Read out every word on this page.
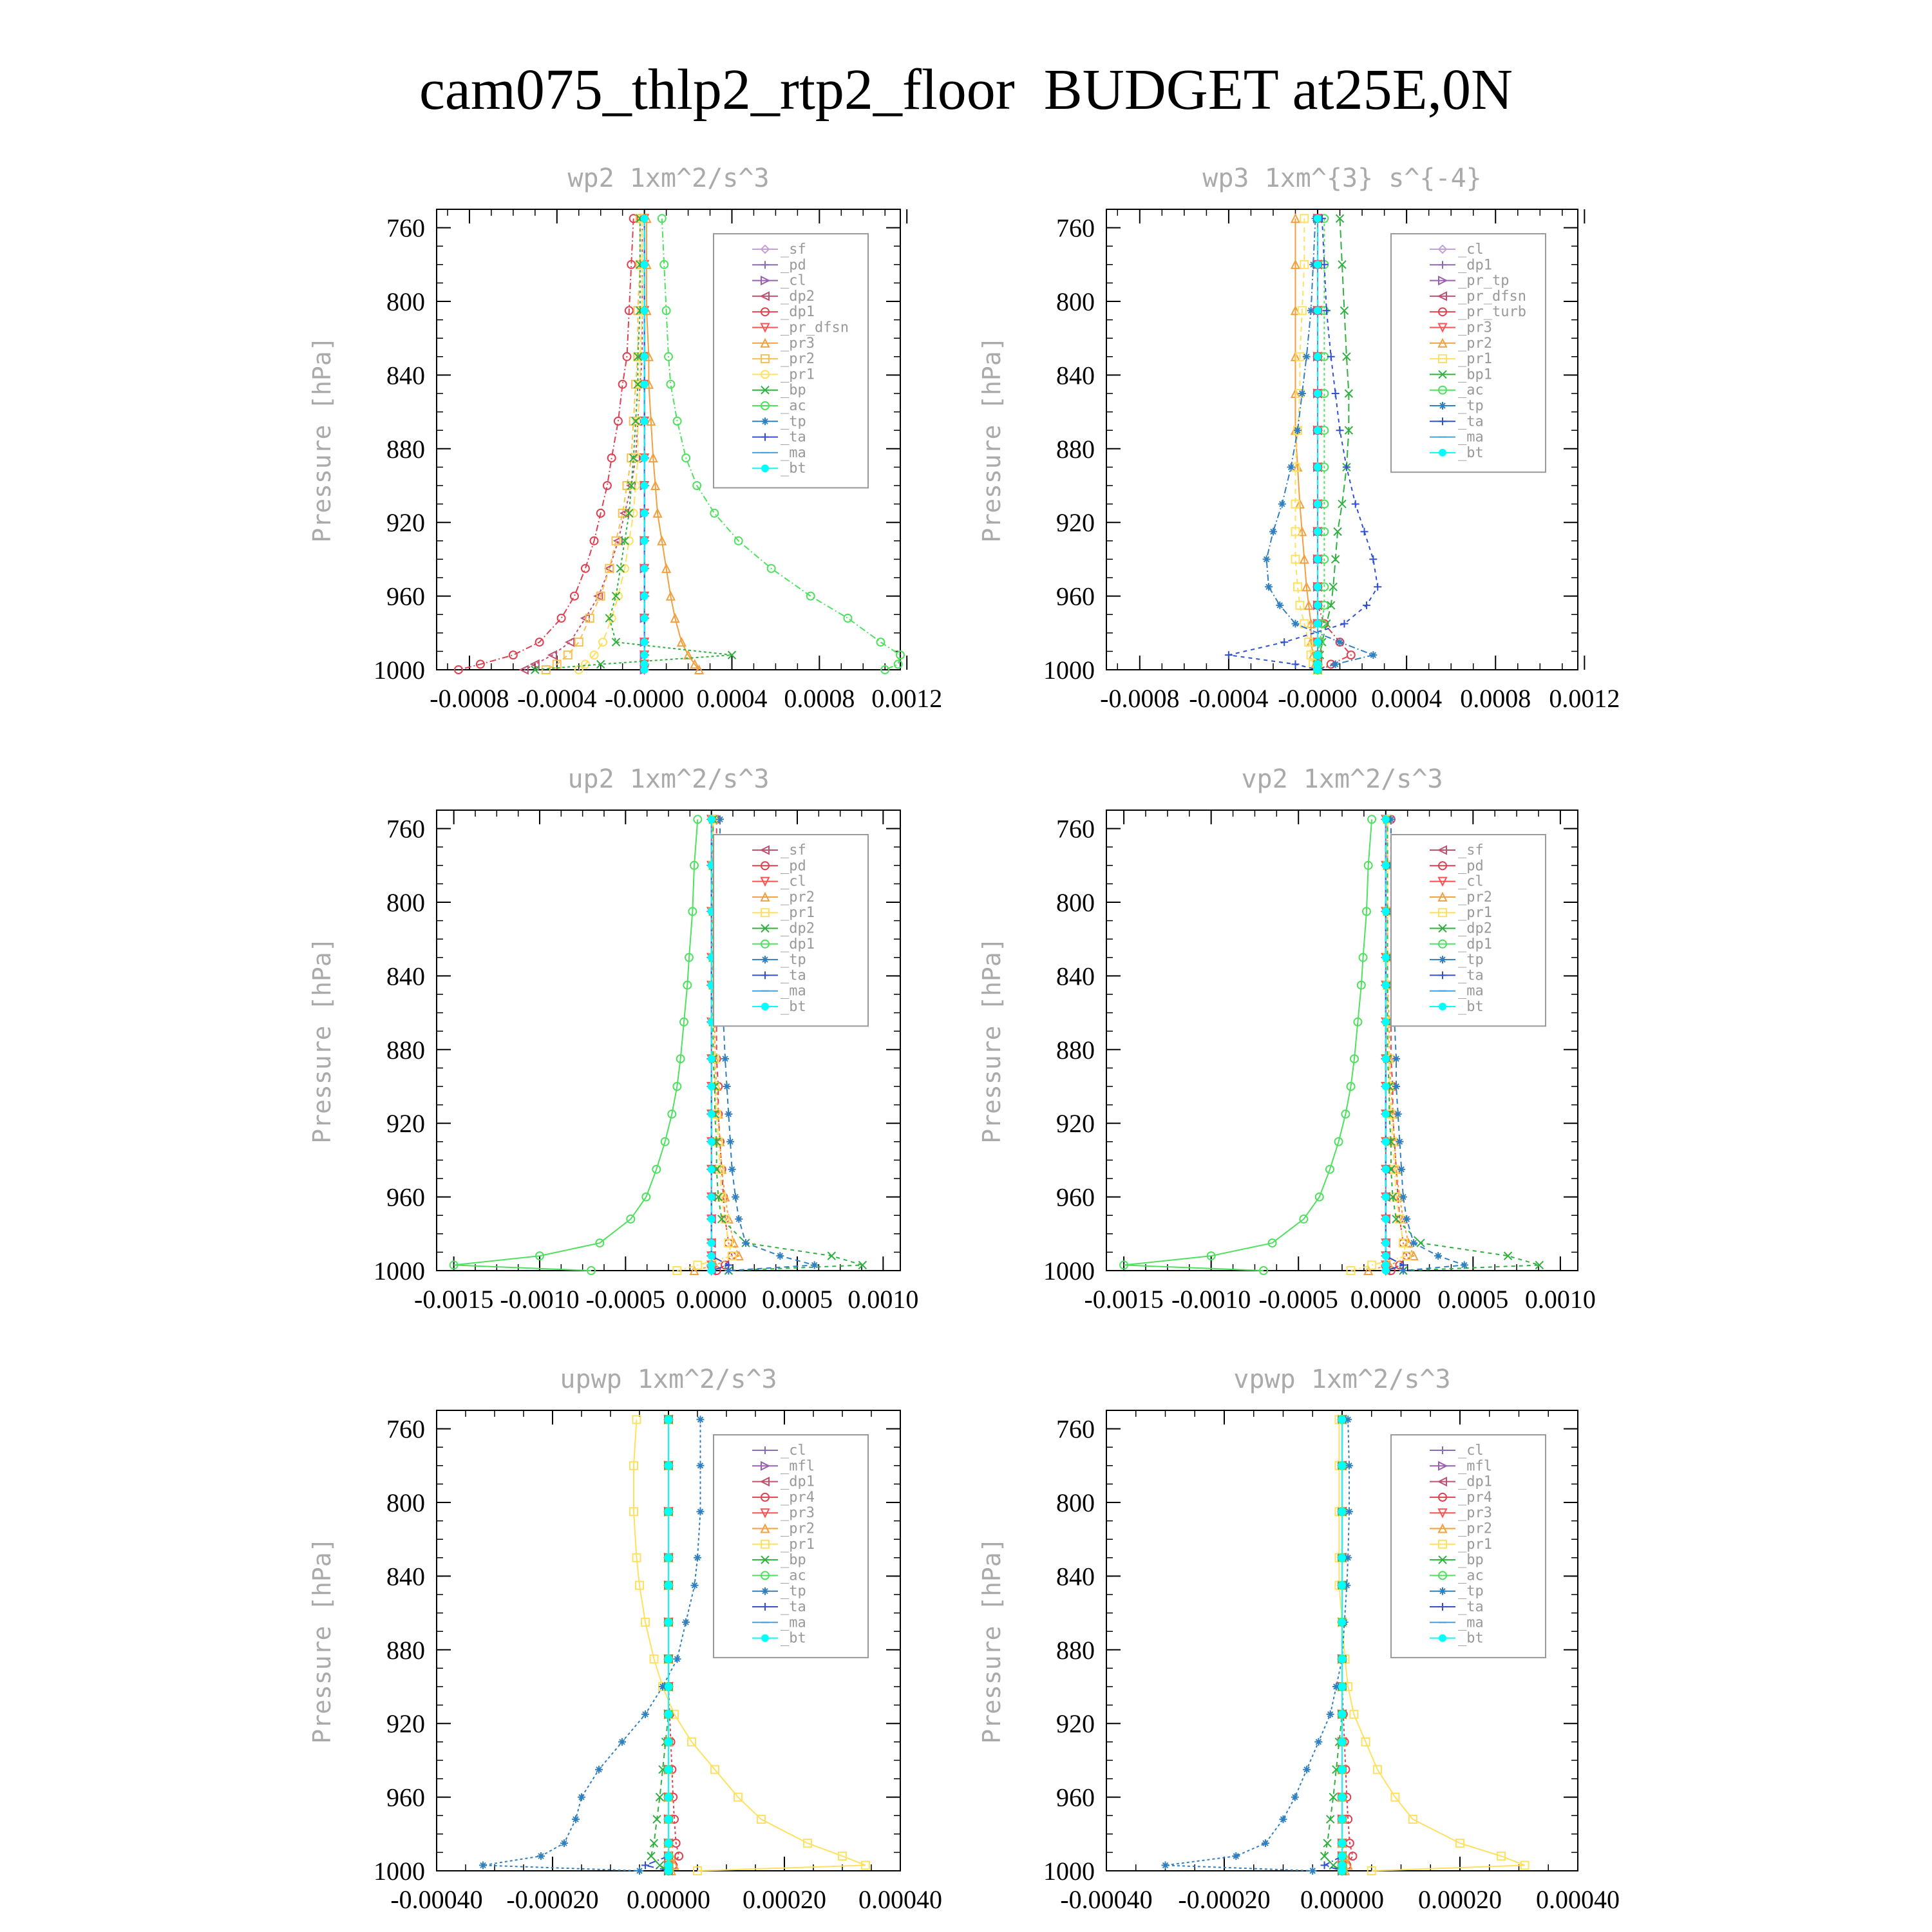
cam075_thlp2_rtp2_floor  BUDGET at25E,0N
wp2 1xm^2/s^3
Pressure [hPa]
760
800
840
880
920
960
1000
-0.0008 -0.0004 -0.0000 0.0004 0.0008 0.0012
_sf
_pd
_cl
_dp2
_dp1
_pr_dfsn
_pr3
_pr2
_pr1
_bp
_ac
_tp
_ta
_ma
_bt
wp3 1xm^{3} s^{-4}
Pressure [hPa]
760
800
840
880
920
960
1000
-0.0008 -0.0004 -0.0000 0.0004 0.0008 0.0012
_cl
_dp1
_pr_tp
_pr_dfsn
_pr_turb
_pr3
_pr2
_pr1
_bp1
_ac
_tp
_ta
_ma
_bt
up2 1xm^2/s^3
Pressure [hPa]
760
800
840
880
920
960
1000
-0.0015 -0.0010 -0.0005 0.0000 0.0005 0.0010
_sf
_pd
_cl
_pr2
_pr1
_dp2
_dp1
_tp
_ta
_ma
_bt
vp2 1xm^2/s^3
Pressure [hPa]
760
800
840
880
920
960
1000
-0.0015 -0.0010 -0.0005 0.0000 0.0005 0.0010
_sf
_pd
_cl
_pr2
_pr1
_dp2
_dp1
_tp
_ta
_ma
_bt
upwp 1xm^2/s^3
Pressure [hPa]
760
800
840
880
920
960
1000
-0.00040 -0.00020 0.00000 0.00020 0.00040
_cl
_mfl
_dp1
_pr4
_pr3
_pr2
_pr1
_bp
_ac
_tp
_ta
_ma
_bt
vpwp 1xm^2/s^3
Pressure [hPa]
760
800
840
880
920
960
1000
-0.00040 -0.00020 0.00000 0.00020 0.00040
_cl
_mfl
_dp1
_pr4
_pr3
_pr2
_pr1
_bp
_ac
_tp
_ta
_ma
_bt
